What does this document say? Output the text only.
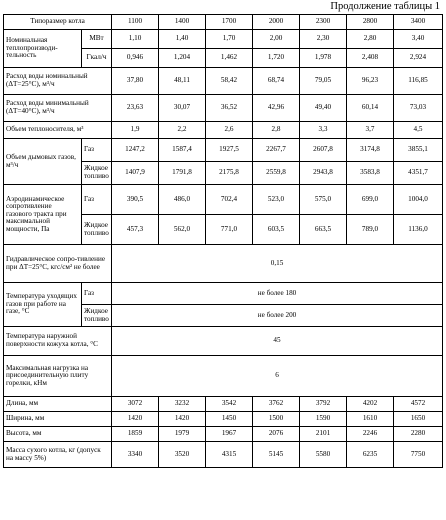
Продолжение таблицы 1
Типоразмер котла		1100	1400	1700	2000	2300	2800	3400
Номинальная теплопроизводи-тельность	МВт	1,10	1,40	1,70	2,00	2,30	2,80	3,40
	Гкал/ч	0,946	1,204	1,462	1,720	1,978	2,408	2,924
Расход воды номинальный (ΔТ=25°С), м³/ч		37,80	48,11	58,42	68,74	79,05	96,23	116,85
Расход воды минимальный (ΔТ=40°С), м³/ч		23,63	30,07	36,52	42,96	49,40	60,14	73,03
Объем теплоносителя, м³		1,9	2,2	2,6	2,8	3,3	3,7	4,5
Объем дымовых газов, м³/ч	Газ	1247,2	1587,4	1927,5	2267,7	2607,8	3174,8	3855,1
	Жидкое топливо	1407,9	1791,8	2175,8	2559,8	2943,8	3583,8	4351,7
Аэродинамическое сопротивление газового тракта при максимальной мощности, Па	Газ	390,5	486,0	702,4	523,0	575,0	699,0	1004,0
	Жидкое топливо	457,3	562,0	771,0	603,5	663,5	789,0	1136,0
Гидравлическое сопро-тивление при ΔТ=25°С, кгс/см² не более		0,15						
Температура уходящих газов при работе на газе, °С	Газ	не более 180						
	Жидкое топливо	не более 200						
Температура наружной поверхности кожуха котла, °С		45						
Максимальная нагрузка на присоединительную плиту горелки, кНм		6						
Длина, мм		3072	3232	3542	3762	3792	4202	4572
Ширина, мм		1420	1420	1450	1500	1590	1610	1650
Высота, мм		1859	1979	1967	2076	2101	2246	2280
Масса сухого котла, кг (допуск на массу 5%)		3340	3520	4315	5145	5580	6235	7750
